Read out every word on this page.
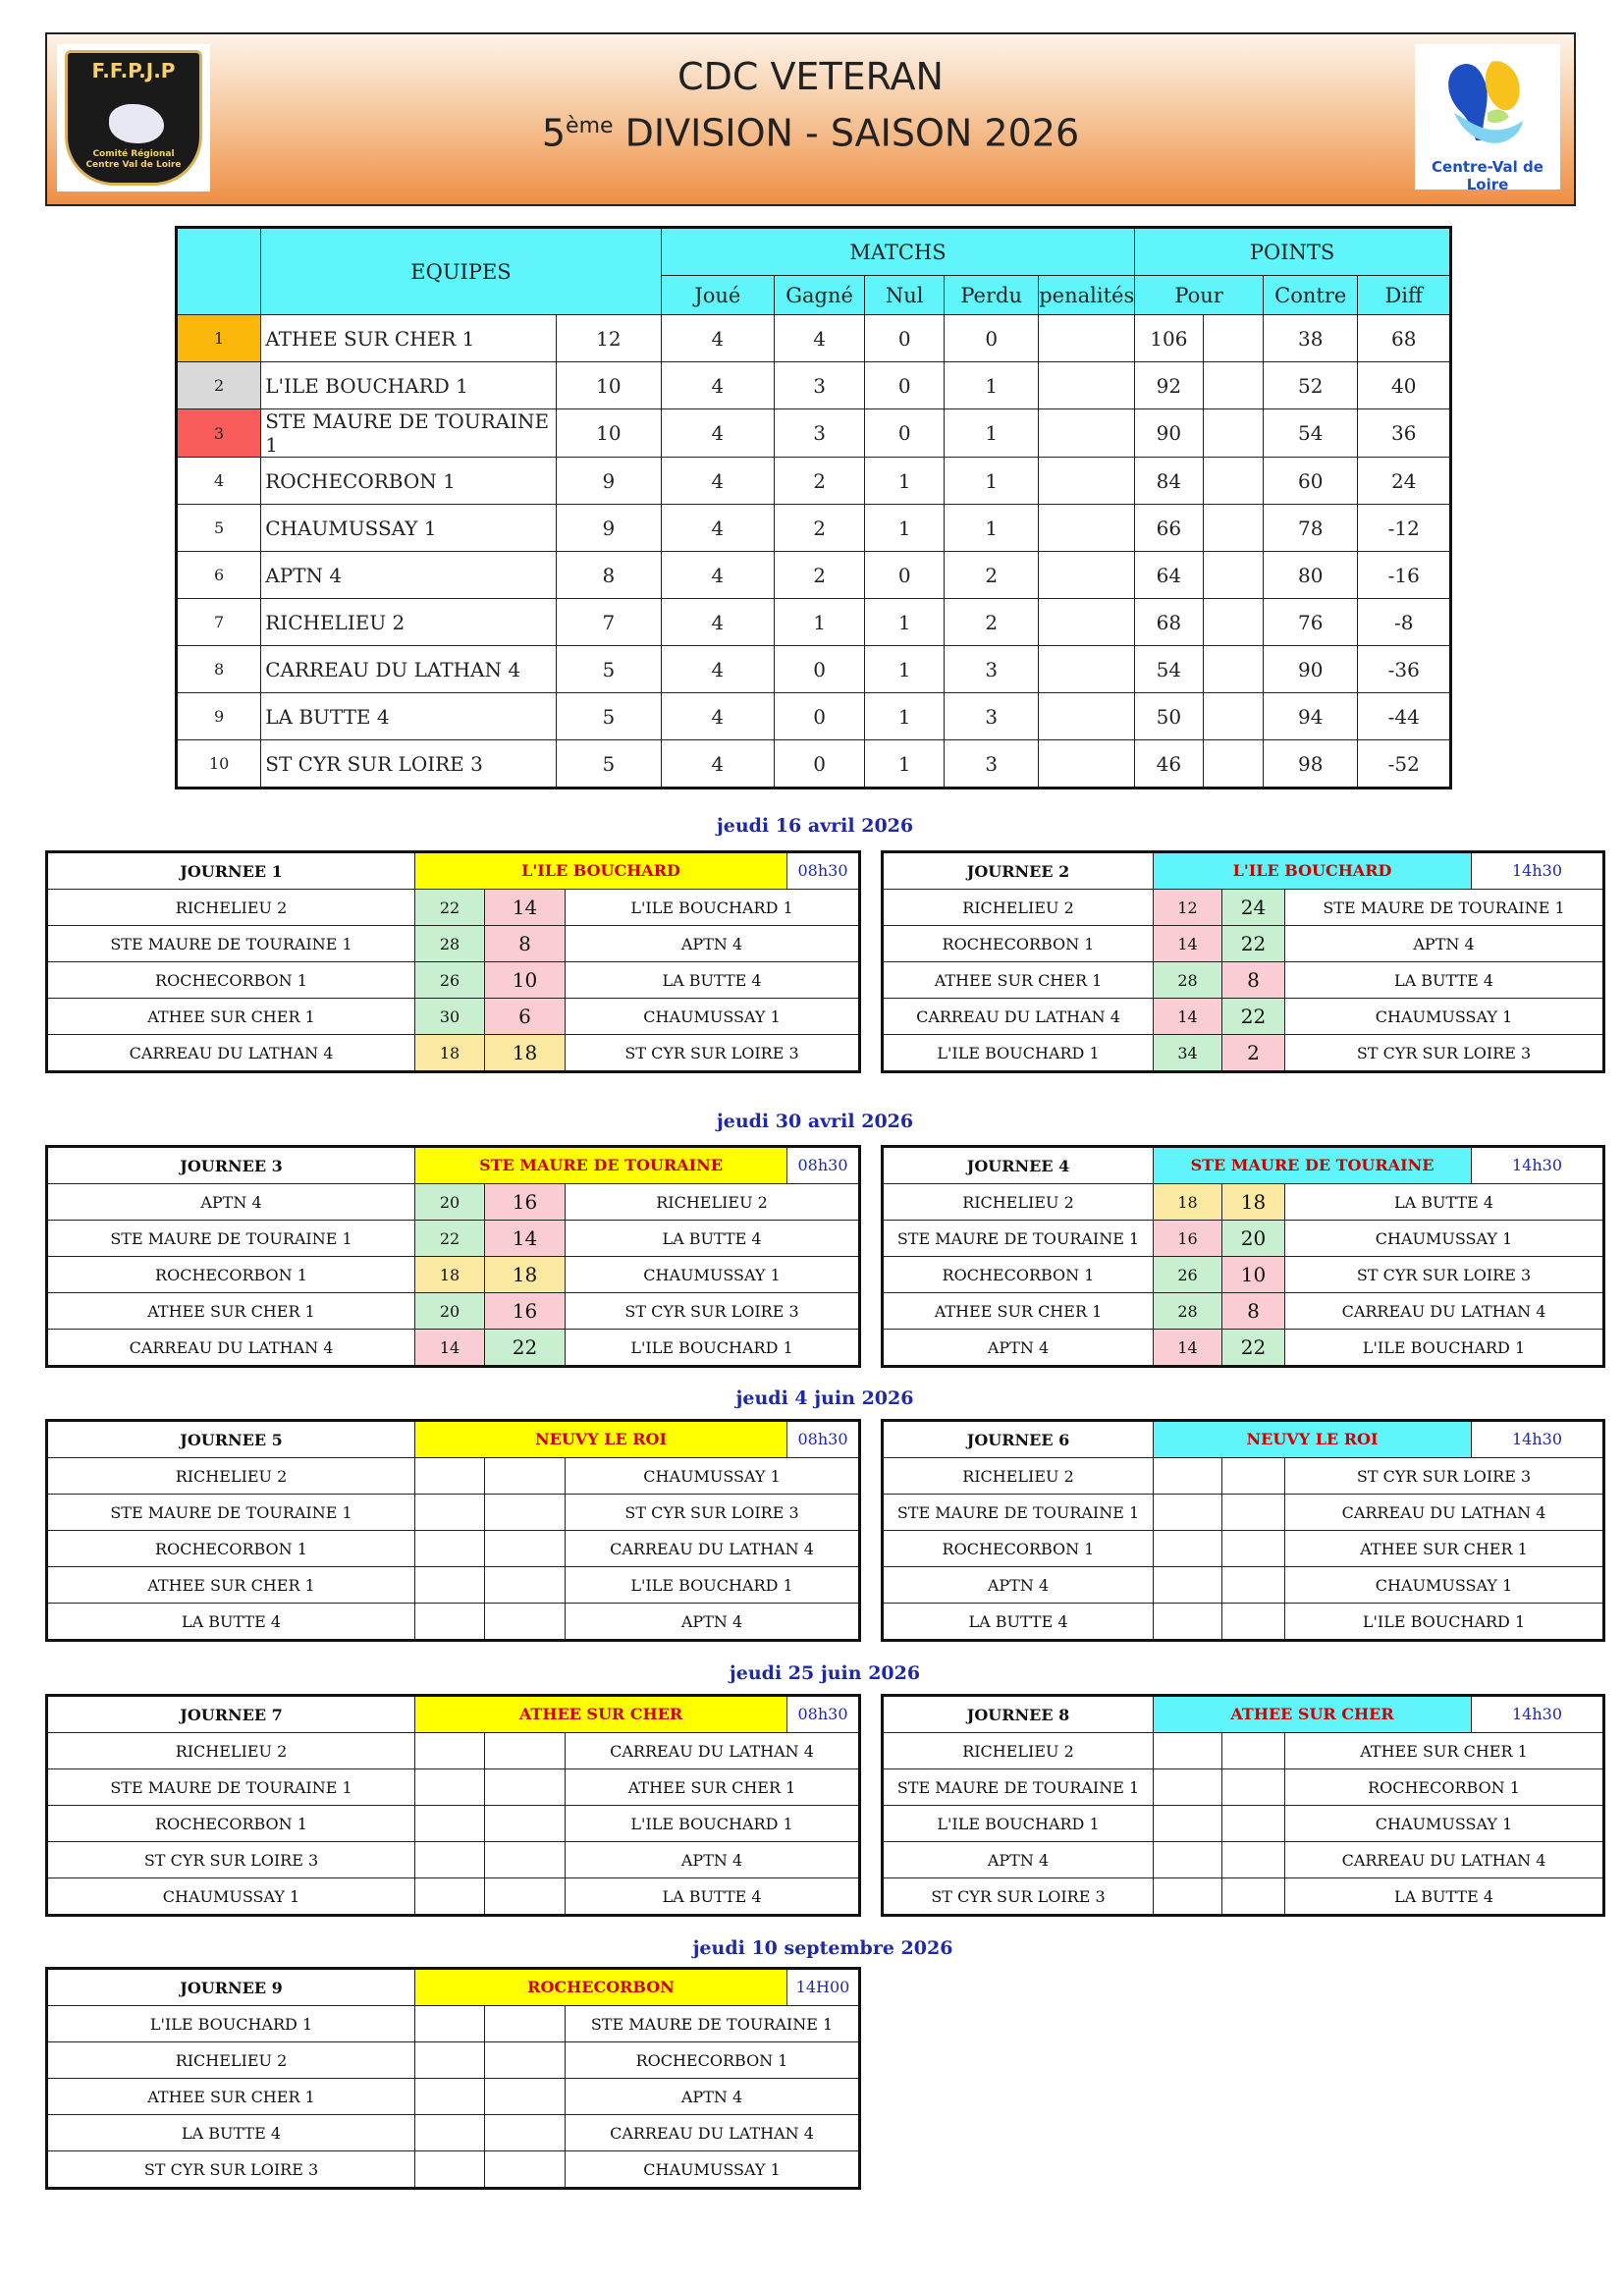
F.F.P.J.P
Comité Régional Centre Val de Loire
CDC VETERAN
5ème DIVISION - SAISON 2026
Centre-Val de Loire
	EQUIPES		MATCHS					POINTS			
			Joué	Gagné	Nul	Perdu	penalités	Pour		Contre	Diff
1	ATHEE SUR CHER 1	12	4	4	0	0		106		38	68
2	L'ILE BOUCHARD 1	10	4	3	0	1		92		52	40
3	STE MAURE DE TOURAINE 1	10	4	3	0	1		90		54	36
4	ROCHECORBON 1	9	4	2	1	1		84		60	24
5	CHAUMUSSAY 1	9	4	2	1	1		66		78	-12
6	APTN 4	8	4	2	0	2		64		80	-16
7	RICHELIEU 2	7	4	1	1	2		68		76	-8
8	CARREAU DU LATHAN 4	5	4	0	1	3		54		90	-36
9	LA BUTTE 4	5	4	0	1	3		50		94	-44
10	ST CYR SUR LOIRE 3	5	4	0	1	3		46		98	-52
jeudi 16 avril 2026
jeudi 30 avril 2026
jeudi 4 juin 2026
jeudi 25 juin 2026
jeudi 10 septembre 2026
JOURNEE 1	L'ILE BOUCHARD 08h30		

RICHELIEU 2	22	14	L'ILE BOUCHARD 1
STE MAURE DE TOURAINE 1	28	8	APTN 4
ROCHECORBON 1	26	10	LA BUTTE 4
ATHEE SUR CHER 1	30	6	CHAUMUSSAY 1
CARREAU DU LATHAN 4	18	18	ST CYR SUR LOIRE 3
JOURNEE 2	L'ILE BOUCHARD 14h30		

RICHELIEU 2	12	24	STE MAURE DE TOURAINE 1
ROCHECORBON 1	14	22	APTN 4
ATHEE SUR CHER 1	28	8	LA BUTTE 4
CARREAU DU LATHAN 4	14	22	CHAUMUSSAY 1
L'ILE BOUCHARD 1	34	2	ST CYR SUR LOIRE 3
JOURNEE 3	STE MAURE DE TOURAINE 08h30		

APTN 4	20	16	RICHELIEU 2
STE MAURE DE TOURAINE 1	22	14	LA BUTTE 4
ROCHECORBON 1	18	18	CHAUMUSSAY 1
ATHEE SUR CHER 1	20	16	ST CYR SUR LOIRE 3
CARREAU DU LATHAN 4	14	22	L'ILE BOUCHARD 1
JOURNEE 4	STE MAURE DE TOURAINE 14h30		

RICHELIEU 2	18	18	LA BUTTE 4
STE MAURE DE TOURAINE 1	16	20	CHAUMUSSAY 1
ROCHECORBON 1	26	10	ST CYR SUR LOIRE 3
ATHEE SUR CHER 1	28	8	CARREAU DU LATHAN 4
APTN 4	14	22	L'ILE BOUCHARD 1
JOURNEE 5	NEUVY LE ROI 08h30		

RICHELIEU 2			CHAUMUSSAY 1
STE MAURE DE TOURAINE 1			ST CYR SUR LOIRE 3
ROCHECORBON 1			CARREAU DU LATHAN 4
ATHEE SUR CHER 1			L'ILE BOUCHARD 1
LA BUTTE 4			APTN 4
JOURNEE 6	NEUVY LE ROI 14h30		

RICHELIEU 2			ST CYR SUR LOIRE 3
STE MAURE DE TOURAINE 1			CARREAU DU LATHAN 4
ROCHECORBON 1			ATHEE SUR CHER 1
APTN 4			CHAUMUSSAY 1
LA BUTTE 4			L'ILE BOUCHARD 1
JOURNEE 7	ATHEE SUR CHER 08h30		

RICHELIEU 2			CARREAU DU LATHAN 4
STE MAURE DE TOURAINE 1			ATHEE SUR CHER 1
ROCHECORBON 1			L'ILE BOUCHARD 1
ST CYR SUR LOIRE 3			APTN 4
CHAUMUSSAY 1			LA BUTTE 4
JOURNEE 8	ATHEE SUR CHER 14h30		

RICHELIEU 2			ATHEE SUR CHER 1
STE MAURE DE TOURAINE 1			ROCHECORBON 1
L'ILE BOUCHARD 1			CHAUMUSSAY 1
APTN 4			CARREAU DU LATHAN 4
ST CYR SUR LOIRE 3			LA BUTTE 4
JOURNEE 9	ROCHECORBON 14H00		

L'ILE BOUCHARD 1			STE MAURE DE TOURAINE 1
RICHELIEU 2			ROCHECORBON 1
ATHEE SUR CHER 1			APTN 4
LA BUTTE 4			CARREAU DU LATHAN 4
ST CYR SUR LOIRE 3			CHAUMUSSAY 1
